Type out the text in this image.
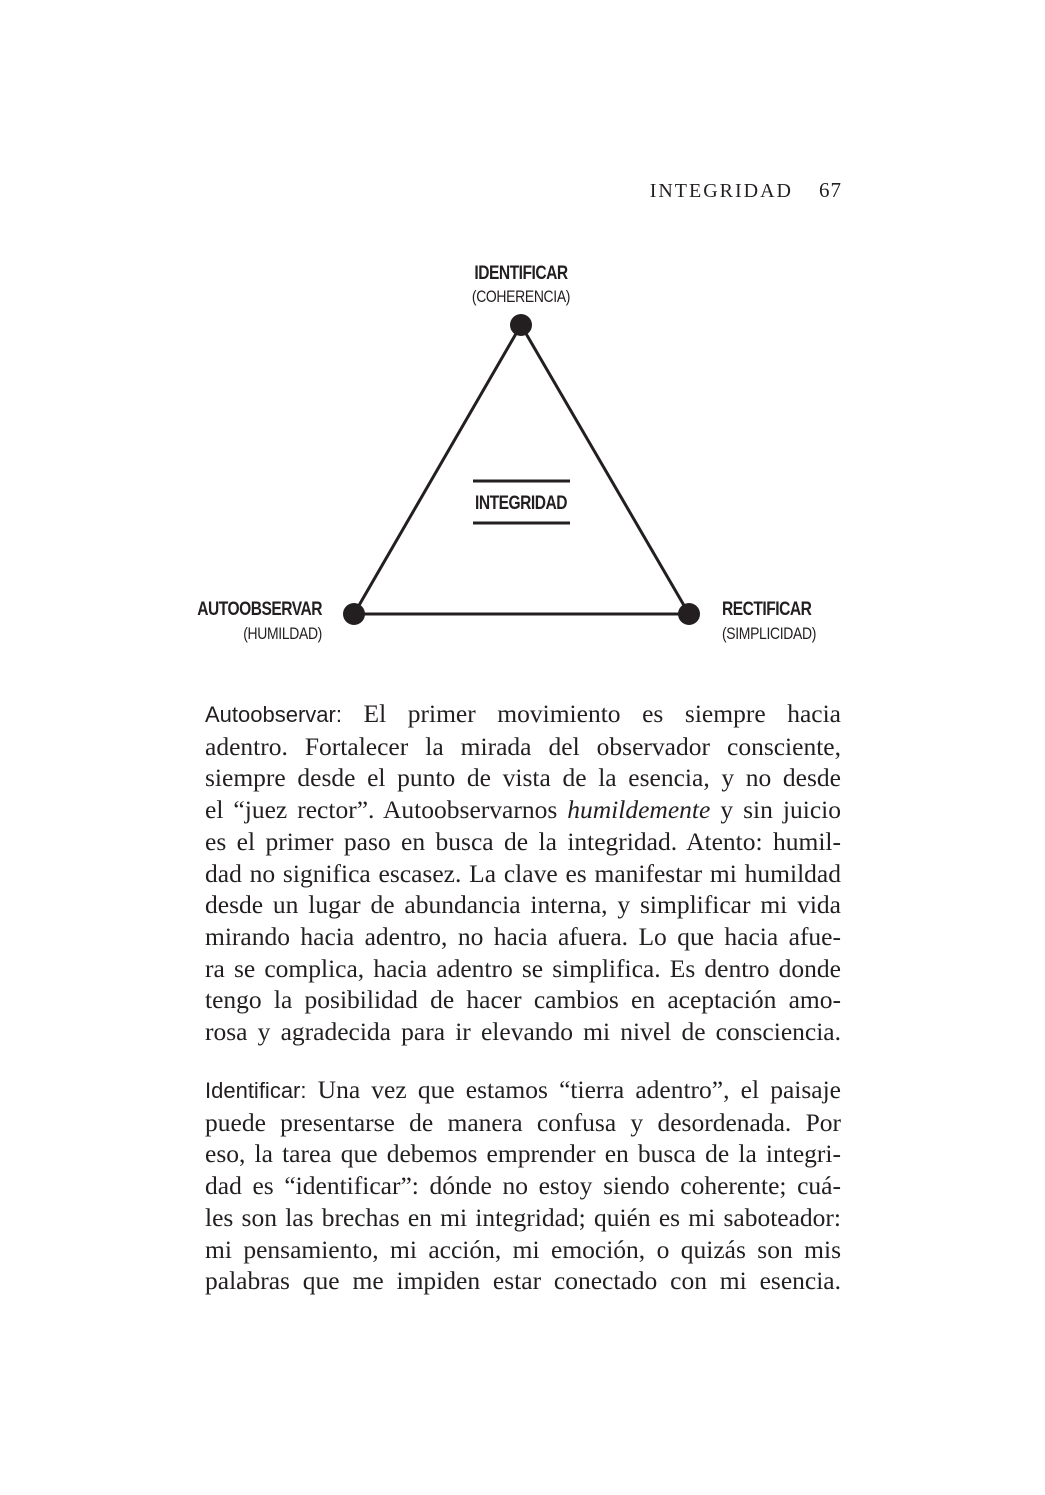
INTEGRIDAD 67
INTEGRIDAD
IDENTIFICAR
(COHERENCIA)
AUTOOBSERVAR
(HUMILDAD)
RECTIFICAR
(SIMPLICIDAD)
Autoobservar: El primer movimiento es siempre hacia
adentro. Fortalecer la mirada del observador consciente,
siempre desde el punto de vista de la esencia, y no desde
el “juez rector”. Autoobservarnos humildemente y sin juicio
es el primer paso en busca de la integridad. Atento: humil-
dad no significa escasez. La clave es manifestar mi humildad
desde un lugar de abundancia interna, y simplificar mi vida
mirando hacia adentro, no hacia afuera. Lo que hacia afue-
ra se complica, hacia adentro se simplifica. Es dentro donde
tengo la posibilidad de hacer cambios en aceptación amo-
rosa y agradecida para ir elevando mi nivel de consciencia.
Identificar: Una vez que estamos “tierra adentro”, el paisaje
puede presentarse de manera confusa y desordenada. Por
eso, la tarea que debemos emprender en busca de la integri-
dad es “identificar”: dónde no estoy siendo coherente; cuá-
les son las brechas en mi integridad; quién es mi saboteador:
mi pensamiento, mi acción, mi emoción, o quizás son mis
palabras que me impiden estar conectado con mi esencia.
